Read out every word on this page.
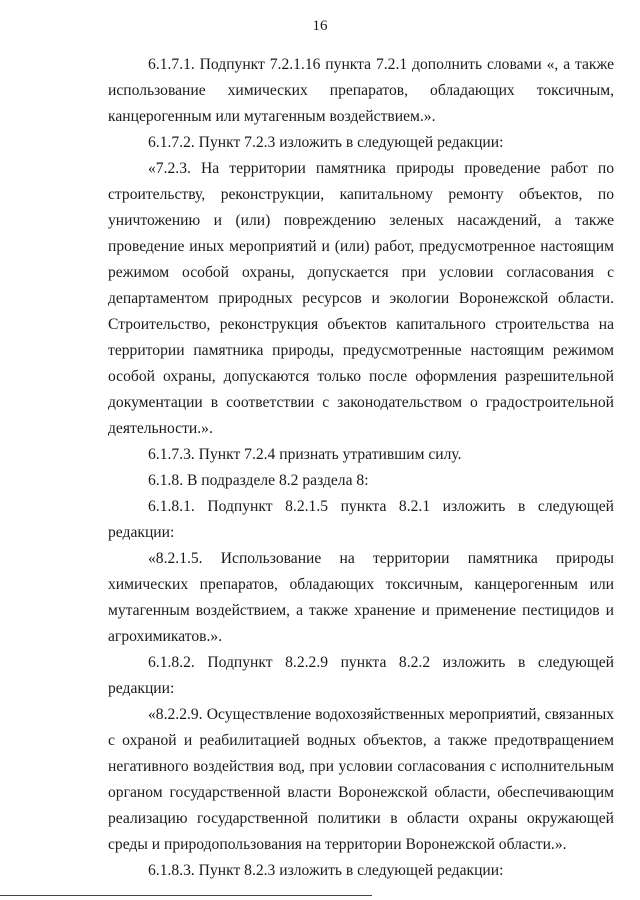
16

6.1.7.1. Подпункт 7.2.1.16 пункта 7.2.1 дополнить словами «, а также использование химических препаратов, обладающих токсичным, канцерогенным или мутагенным воздействием.».

6.1.7.2. Пункт 7.2.3 изложить в следующей редакции:

«7.2.3. На территории памятника природы проведение работ по строительству, реконструкции, капитальному ремонту объектов, по уничтожению и (или) повреждению зеленых насаждений, а также проведение иных мероприятий и (или) работ, предусмотренное настоящим режимом особой охраны, допускается при условии согласования с департаментом природных ресурсов и экологии Воронежской области. Строительство, реконструкция объектов капитального строительства на территории памятника природы, предусмотренные настоящим режимом особой охраны, допускаются только после оформления разрешительной документации в соответствии с законодательством о градостроительной деятельности.».

6.1.7.3. Пункт 7.2.4 признать утратившим силу.

6.1.8. В подразделе 8.2 раздела 8:

6.1.8.1. Подпункт 8.2.1.5 пункта 8.2.1 изложить в следующей редакции:

«8.2.1.5. Использование на территории памятника природы химических препаратов, обладающих токсичным, канцерогенным или мутагенным воздействием, а также хранение и применение пестицидов и агрохимикатов.».

6.1.8.2. Подпункт 8.2.2.9 пункта 8.2.2 изложить в следующей редакции:

«8.2.2.9. Осуществление водохозяйственных мероприятий, связанных с охраной и реабилитацией водных объектов, а также предотвращением негативного воздействия вод, при условии согласования с исполнительным органом государственной власти Воронежской области, обеспечивающим реализацию государственной политики в области охраны окружающей среды и природопользования на территории Воронежской области.».

6.1.8.3. Пункт 8.2.3 изложить в следующей редакции:
